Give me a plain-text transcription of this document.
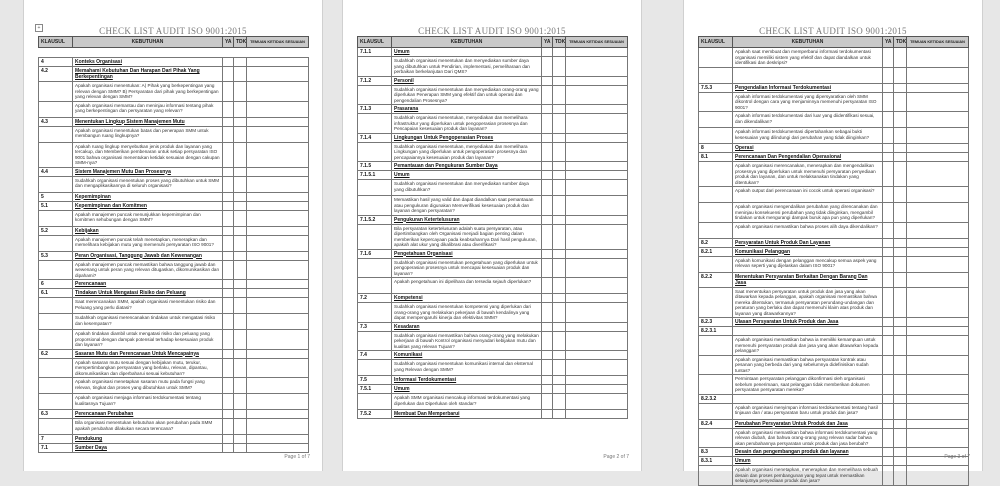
+	CHECK LIST AUDIT ISO 9001:2015
KLAUSUL	KEBUTUHAN	YA	TDK	TEMUAN KETIDAK SESUAIAN

4	Konteks Organisasi			
4.2	Memahami Kebutuhan Dan Harapan Dari Pihak Yang Berkepentingan			
	Apakah organisasi menentukan: A) Pihak yang berkepentingan yang relevan dengan SMM? B) Persyaratan dari pihak yang berkepentingan yang relevan dengan SMM?			
	Apakah organisasi memantau dan meninjau informasi tentang pihak yang berkepentingan dan persyaratan yang relevan?			
4.3	Menentukan Lingkup Sistem Manajemen Mutu			
	Apakah organisasi menentukan batas dan penerapan SMM untuk membangun ruang lingkupnya?			
	Apakah ruang lingkup menyebutkan jenis produk dan layanan yang tercakup, dan Memberikan pembenaran untuk setiap persyaratan ISO 9001 bahwa organisasi menentukan ketidak sesuaian dengan cakupan SMM-nya?			
4.4	Sistem Manajemen Mutu Dan Prosesnya			
	Sudahkah organisasi menentukan proses yang dibutuhkan untuk SMM dan mengaplikasikannya di seluruh organisasi?			
5	Kepemimpinan			
5.1	Kepemimpinan dan Komitmen			
	Apakah manajemen puncak menunjukkan kepemimpinan dan komitmen sehubungan dengan SMM?			
5.2	Kebijakan			
	Apakah manajemen puncak telah menetapkan, menerapkan dan memelihara kebijakan mutu yang memenuhi persyaratan ISO 9001?			
5.3	Peran Organisasi, Tanggung Jawab dan Kewenangan			
	Apakah manajemen puncak memastikan bahwa tanggung jawab dan wewenang untuk peran yang relevan ditugaskan, dikomunikasikan dan dipahami?			
6	Perencanaan			
6.1	Tindakan Untuk Mengatasi Risiko dan Peluang			
	Saat merencanakan SMM, apakah organisasi menentukan risiko dan Peluang yang perlu diatasi?			
	Sudahkah organisasi merencanakan tindakan untuk mengatasi risiko dan kesempatan?			
	Apakah tindakan diambil untuk mengatasi risiko dan peluang yang proporsional dengan dampak potensial terhadap kesesuaian produk dan layanan?			
6.2	Sasaran Mutu dan Perencanaan Untuk Mencapainya			
	Apakah sasaran mutu sesuai dengan kebijakan mutu, terukur, mempertimbangkan persyaratan yang berlaku, relevan, dipantau, dikomunikasikan dan diperbaharui sesuai kebutuhan?			
	Apakah organisasi menetapkan sasaran mutu pada fungsi yang relevan, tingkat dan proses yang dibutuhkan untuk SMM?			
	Apakah organisasi menjaga informasi terdokumentasi tentang kualitasnya Tujuan?			
6.3	Perencanaan Perubahan			
	Bila organisasi menentukan kebutuhan akan perubahan pada SMM apakah perubahan dilakukan secara terencana?			
7	Pendukung			
7.1	Sumber Daya			
Page 1 of 7
CHECK LIST AUDIT ISO 9001:2015
KLAUSUL	KEBUTUHAN	YA	TDK	TEMUAN KETIDAK SESUAIAN
7.1.1	Umum			
	Sudahkah organisasi menentukan dan menyediakan sumber daya yang dibutuhkan untuk Pendirian, implementasi, pemeliharaan dan perbaikan berkelanjutan Dari QMS?			
7.1.2	Personil			
	Sudahkah organisasi menentukan dan menyediakan orang-orang yang diperlukan Penerapan SMM yang efektif dan untuk operasi dan pengendalian Prosesnya?			
7.1.3	Prasarana			
	Sudahkah organisasi menentukan, menyediakan dan memelihara infrastruktur yang diperlukan untuk pengoperasian prosesnya dan Pencapaian kesesuaian produk dan layanan?			
7.1.4	Lingkungan Untuk Pengoperasian Proses			
	Sudahkah organisasi menentukan, menyediakan dan memelihara Lingkungan yang diperlukan untuk pengoperasian prosesnya dan pencapaiannya kesesuaian produk dan layanan?			
7.1.5	Pemantauan dan Pengukuran Sumber Daya			
7.1.5.1	Umum			
	Sudahkah organisasi menentukan dan menyediakan sumber daya yang dibutuhkan?			
	Memastikan hasil yang valid dan dapat diandalkan saat pemantauan atau pengukuran digunakan Memverifikasi kesesuaian produk dan layanan dengan persyaratan?			
7.1.5.2	Pengukuran Ketertelusuran			
	Bila persyaratan ketertelusuran adalah suatu persyaratan, atau dipertimbangkan oleh Organisasi menjadi bagian penting dalam memberikan kepercayaan pada keabsahannya Dari hasil pengukuran, apakah alat ukur yang dikalibrasi atau diverifikasi?			
7.1.6	Pengetahuan Organisasi			
	Sudahkah organisasi menentukan pengetahuan yang diperlukan untuk pengoperasian prosesnya untuk mencapai kesesuaian produk dan layanan?			
	Apakah pengetahuan ini dipelihara dan tersedia sejauh diperlukan?			
7.2	Kompetensi			
	Sudahkah organisasi menentukan kompetensi yang diperlukan dari orang-orang yang melakukan pekerjaan di bawah kendalinya yang dapat mempengaruhi kinerja dan efektivitas SMM?			
7.3	Kesadaran			
	Sudahkah organisasi memastikan bahwa orang-orang yang melakukan pekerjaan di bawah Kontrol organisasi menyadari kebijakan mutu dan kualitas yang relevan Tujuan?			
7.4	Komunikasi			
	Sudahkah organisasi menentukan komunikasi internal dan eksternal yang Relevan dengan SMM?			
7.5	Informasi Terdokumentasi			
7.5.1	Umum			
	Apakah SMM organisasi mencakup informasi terdokumentasi yang diperlukan dan Diperlukan oleh standar?			
7.5.2	Membuat Dan Memperbarui			
Page 2 of 7
CHECK LIST AUDIT ISO 9001:2015
KLAUSUL	KEBUTUHAN	YA	TDK	TEMUAN KETIDAK SESUAIAN
	Apakah saat membuat dan memperbarui informasi terdokumentasi organisasi memiliki sistem yang efektif dan dapat diandalkan untuk identifikasi dan deskripsi?			

7.5.3	Pengendalian Informasi Terdokumentasi			
	Apakah informasi terdokumentasi yang dipersyaratkan oleh SMM dikontrol dengan cara yang menjaminnya memenuhi persyaratan ISO 9001?			
	Apakah informasi terdokumentasi dari luar yang diidentifikasi sesuai, dan dikendalikan?			
	Apakah informasi terdokumentasi dipertahankan sebagai bukti kesesuaian yang dilindungi dari perubahan yang tidak diinginkan?			
8	Operasi			
8.1	Perencanaan Dan Pengendalian Operasional			
	Apakah organisasi merencanakan, menerapkan dan mengendalikan prosesnya yang diperlukan untuk memenuhi persyaratan penyediaan produk dan layanan, dan untuk melaksanakan tindakan yang ditentukan?			
	Apakah output dari perencanaan ini cocok untuk operasi organisasi?			
	Apakah organisasi mengendalikan perubahan yang direncanakan dan meninjau konsekuensi perubahan yang tidak diinginkan, mengambil tindakan untuk mengurangi dampak buruk apa pun yang diperlukan?			
	Apakah organisasi memastikan bahwa proses alih daya dikendalikan?			
8.2	Persyaratan Untuk Produk Dan Layanan			
8.2.1	Komunikasi Pelanggan			
	Apakah komunikasi dengan pelanggan mencakup semua aspek yang relevan seperti yang dijelaskan dalam ISO 9001?			
8.2.2	Menentukan Persyaratan Berkaitan Dengan Barang Dan Jasa			
	Saat menentukan persyaratan untuk produk dan jasa yang akan ditawarkan kepada pelanggan, apakah organisasi memastikan bahwa mereka ditentukan, termasuk persyaratan perundang-undangan dan peraturan yang berlaku dan dapat memenuhi klaim atas produk dan layanan yang ditawarkannya?			
8.2.3	Ulasan Persyaratan Untuk Produk dan Jasa			
8.2.3.1				
	Apakah organisasi memastikan bahwa ia memiliki kemampuan untuk memenuhi persyaratan produk dan jasa yang akan ditawarkan kepada pelanggan?			
	Apakah organisasi memastikan bahwa persyaratan kontrak atau pesanan yang berbeda dari yang sebelumnya didefinisikan sudah tuntas?			
	Permintaan persyaratan pelanggan dikonfirmasi oleh organisasi sebelum penerimaan, saat pelanggan tidak memberikan dokumen persyaratan persyaratan mereka?			
8.2.3.2				
	Apakah organisasi menyimpan informasi terdokumentasi tentang hasil tinjauan dan / atau persyaratan baru untuk produk dan jasa?			
8.2.4	Perubahan Persyaratan Untuk Produk dan Jasa			
	Apakah organisasi memastikan bahwa informasi terdokumentasi yang relevan diubah, dan bahwa orang-orang yang relevan sadar bahwa akan perubahannya persyaratan untuk produk dan jasa berubah?			
8.3	Desain dan pengembangan produk dan layanan			
8.3.1	Umum			
	Apakah organisasi menetapkan, menerapkan dan memelihara sebuah desain dan proses pembangunan yang tepat untuk memastikan selanjutnya penyediaan produk dan jasa?			
Page 3 of 7
